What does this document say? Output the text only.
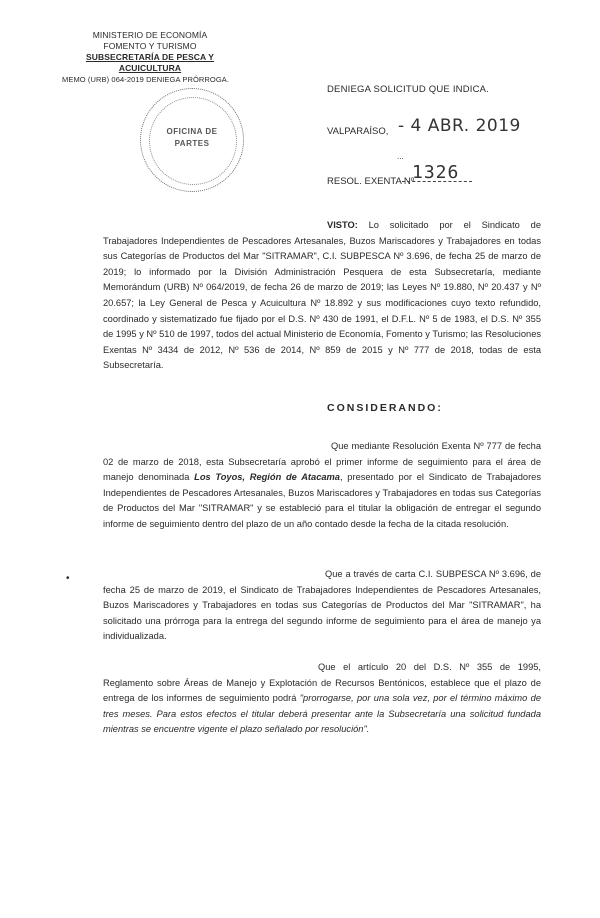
MINISTERIO DE ECONOMÍA
FOMENTO Y TURISMO
SUBSECRETARÍA DE PESCA Y ACUICULTURA
MEMO (URB) 064-2019 DENIEGA PRÓRROGA.
OFICINA DE
PARTES
DENIEGA SOLICITUD QUE INDICA.
VALPARAÍSO, - 4 ABR. 2019
...
RESOL. EXENTA Nº
1326
VISTO: Lo solicitado por el Sindicato de Trabajadores Independientes de Pescadores Artesanales, Buzos Mariscadores y Trabajadores en todas sus Categorías de Productos del Mar "SITRAMAR", C.I. SUBPESCA Nº 3.696, de fecha 25 de marzo de 2019; lo informado por la División Administración Pesquera de esta Subsecretaría, mediante Memorándum (URB) Nº 064/2019, de fecha 26 de marzo de 2019; las Leyes Nº 19.880, Nº 20.437 y Nº 20.657; la Ley General de Pesca y Acuicultura Nº 18.892 y sus modificaciones cuyo texto refundido, coordinado y sistematizado fue fijado por el D.S. Nº 430 de 1991, el D.F.L. Nº 5 de 1983, el D.S. Nº 355 de 1995 y Nº 510 de 1997, todos del actual Ministerio de Economía, Fomento y Turismo; las Resoluciones Exentas Nº 3434 de 2012, Nº 536 de 2014, Nº 859 de 2015 y Nº 777 de 2018, todas de esta Subsecretaría.
CONSIDERANDO:
Que mediante Resolución Exenta Nº 777 de fecha 02 de marzo de 2018, esta Subsecretaría aprobó el primer informe de seguimiento para el área de manejo denominada Los Toyos, Región de Atacama, presentado por el Sindicato de Trabajadores Independientes de Pescadores Artesanales, Buzos Mariscadores y Trabajadores en todas sus Categorías de Productos del Mar "SITRAMAR" y se estableció para el titular la obligación de entregar el segundo informe de seguimiento dentro del plazo de un año contado desde la fecha de la citada resolución.
•	Que a través de carta C.I. SUBPESCA Nº 3.696, de fecha 25 de marzo de 2019, el Sindicato de Trabajadores Independientes de Pescadores Artesanales, Buzos Mariscadores y Trabajadores en todas sus Categorías de Productos del Mar "SITRAMAR", ha solicitado una prórroga para la entrega del segundo informe de seguimiento para el área de manejo ya individualizada.
Que el artículo 20 del D.S. Nº 355 de 1995, Reglamento sobre Áreas de Manejo y Explotación de Recursos Bentónicos, establece que el plazo de entrega de los informes de seguimiento podrá "prorrogarse, por una sola vez, por el término máximo de tres meses. Para estos efectos el titular deberá presentar ante la Subsecretaría una solicitud fundada mientras se encuentre vigente el plazo señalado por resolución".
